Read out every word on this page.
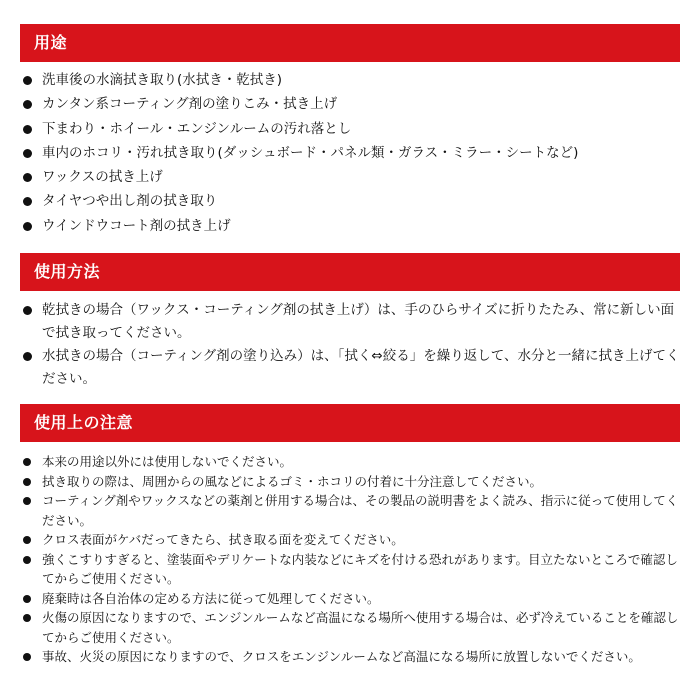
用途
洗車後の水滴拭き取り(水拭き・乾拭き)
カンタン系コーティング剤の塗りこみ・拭き上げ
下まわり・ホイール・エンジンルームの汚れ落とし
車内のホコリ・汚れ拭き取り(ダッシュボード・パネル類・ガラス・ミラー・シートなど)
ワックスの拭き上げ
タイヤつや出し剤の拭き取り
ウインドウコート剤の拭き上げ
使用方法
乾拭きの場合（ワックス・コーティング剤の拭き上げ）は、手のひらサイズに折りたたみ、常に新しい面で拭き取ってください。
水拭きの場合（コーティング剤の塗り込み）は、「拭く⇔絞る」を繰り返して、水分と一緒に拭き上げてください。
使用上の注意
本来の用途以外には使用しないでください。
拭き取りの際は、周囲からの風などによるゴミ・ホコリの付着に十分注意してください。
コーティング剤やワックスなどの薬剤と併用する場合は、その製品の説明書をよく読み、指示に従って使用してください。
クロス表面がケバだってきたら、拭き取る面を変えてください。
強くこすりすぎると、塗装面やデリケートな内装などにキズを付ける恐れがあります。目立たないところで確認してからご使用ください。
廃棄時は各自治体の定める方法に従って処理してください。
火傷の原因になりますので、エンジンルームなど高温になる場所へ使用する場合は、必ず冷えていることを確認してからご使用ください。
事故、火災の原因になりますので、クロスをエンジンルームなど高温になる場所に放置しないでください。
